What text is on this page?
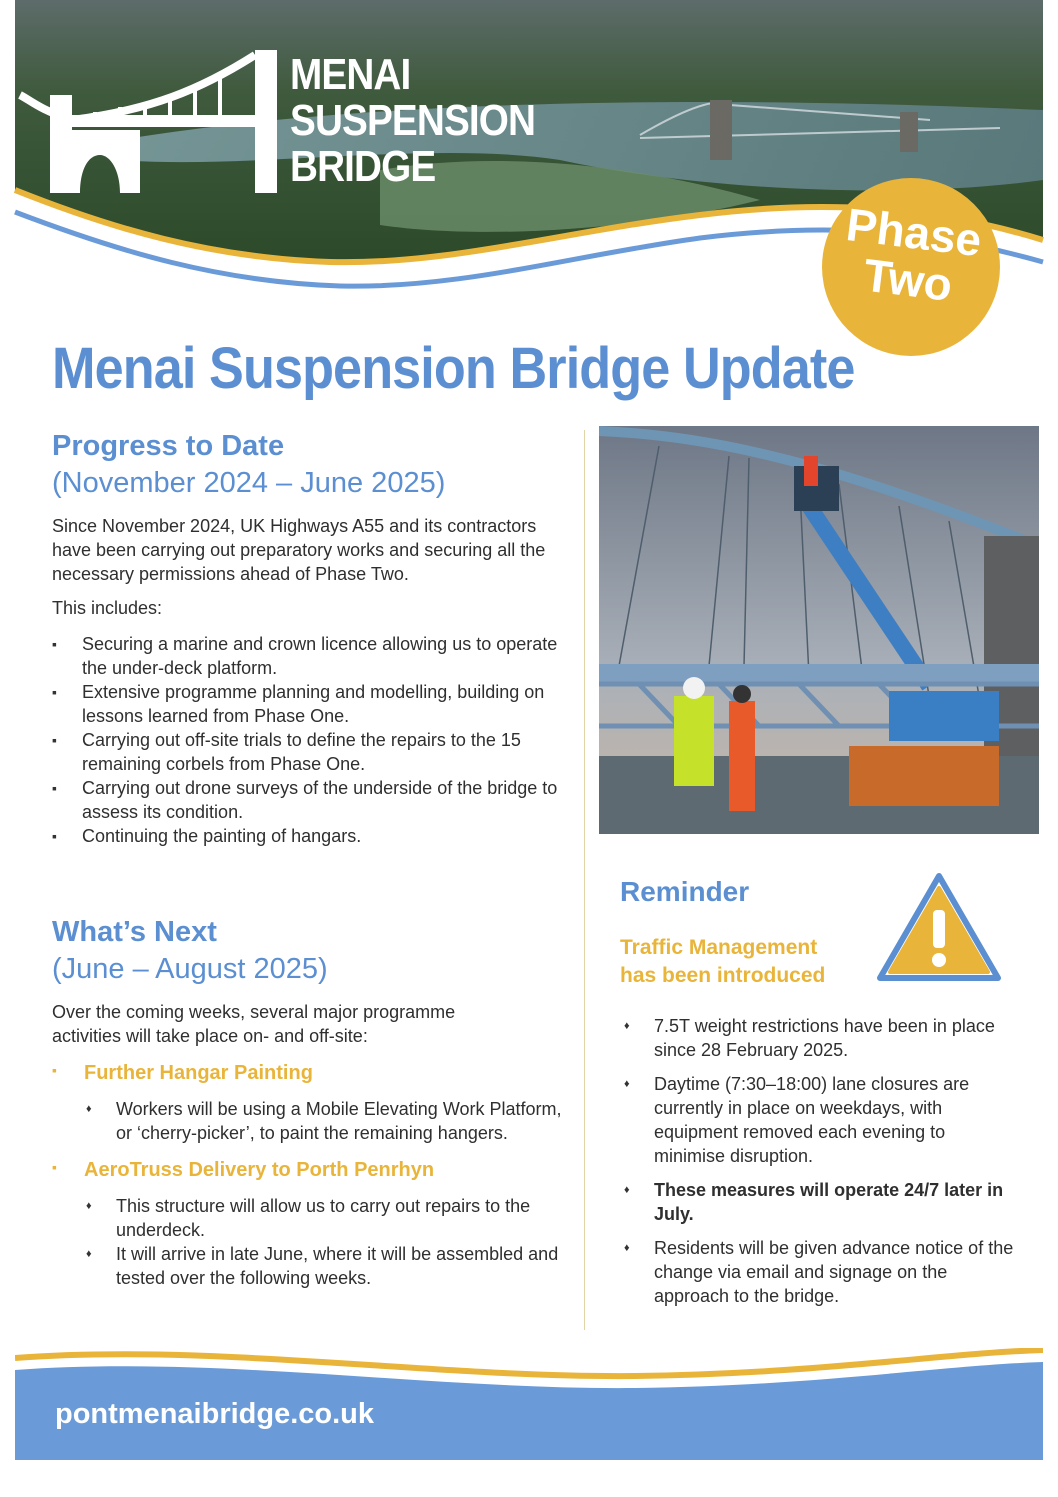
MENAI
SUSPENSION
BRIDGE
Phase
Two
Menai Suspension Bridge Update

Progress to Date

(November 2024 – June 2025)

Since November 2024, UK Highways A55 and its contractors have been carrying out preparatory works and securing all the necessary permissions ahead of Phase Two.
This includes:
▪ Securing a marine and crown licence allowing us to operate the under-deck platform.
▪ Extensive programme planning and modelling, building on lessons learned from Phase One.
▪ Carrying out off-site trials to define the repairs to the 15 remaining corbels from Phase One.
▪ Carrying out drone surveys of the underside of the bridge to assess its condition.
▪ Continuing the painting of hangars.

What’s Next

(June – August 2025)

Over the coming weeks, several major programme activities will take place on- and off-site:
▪ Further Hangar Painting
♦ Workers will be using a Mobile Elevating Work Platform, or ‘cherry-picker’, to paint the remaining hangers.
▪ AeroTruss Delivery to Porth Penrhyn
♦ This structure will allow us to carry out repairs to the underdeck.
♦ It will arrive in late June, where it will be assembled and tested over the following weeks.
Reminder
Traffic Management
has been introduced
♦ 7.5T weight restrictions have been in place since 28 February 2025.
♦ Daytime (7:30–18:00) lane closures are currently in place on weekdays, with equipment removed each evening to minimise disruption.
♦ These measures will operate 24/7 later in July.
♦ Residents will be given advance notice of the change via email and signage on the approach to the bridge.
pontmenaibridge.co.uk
